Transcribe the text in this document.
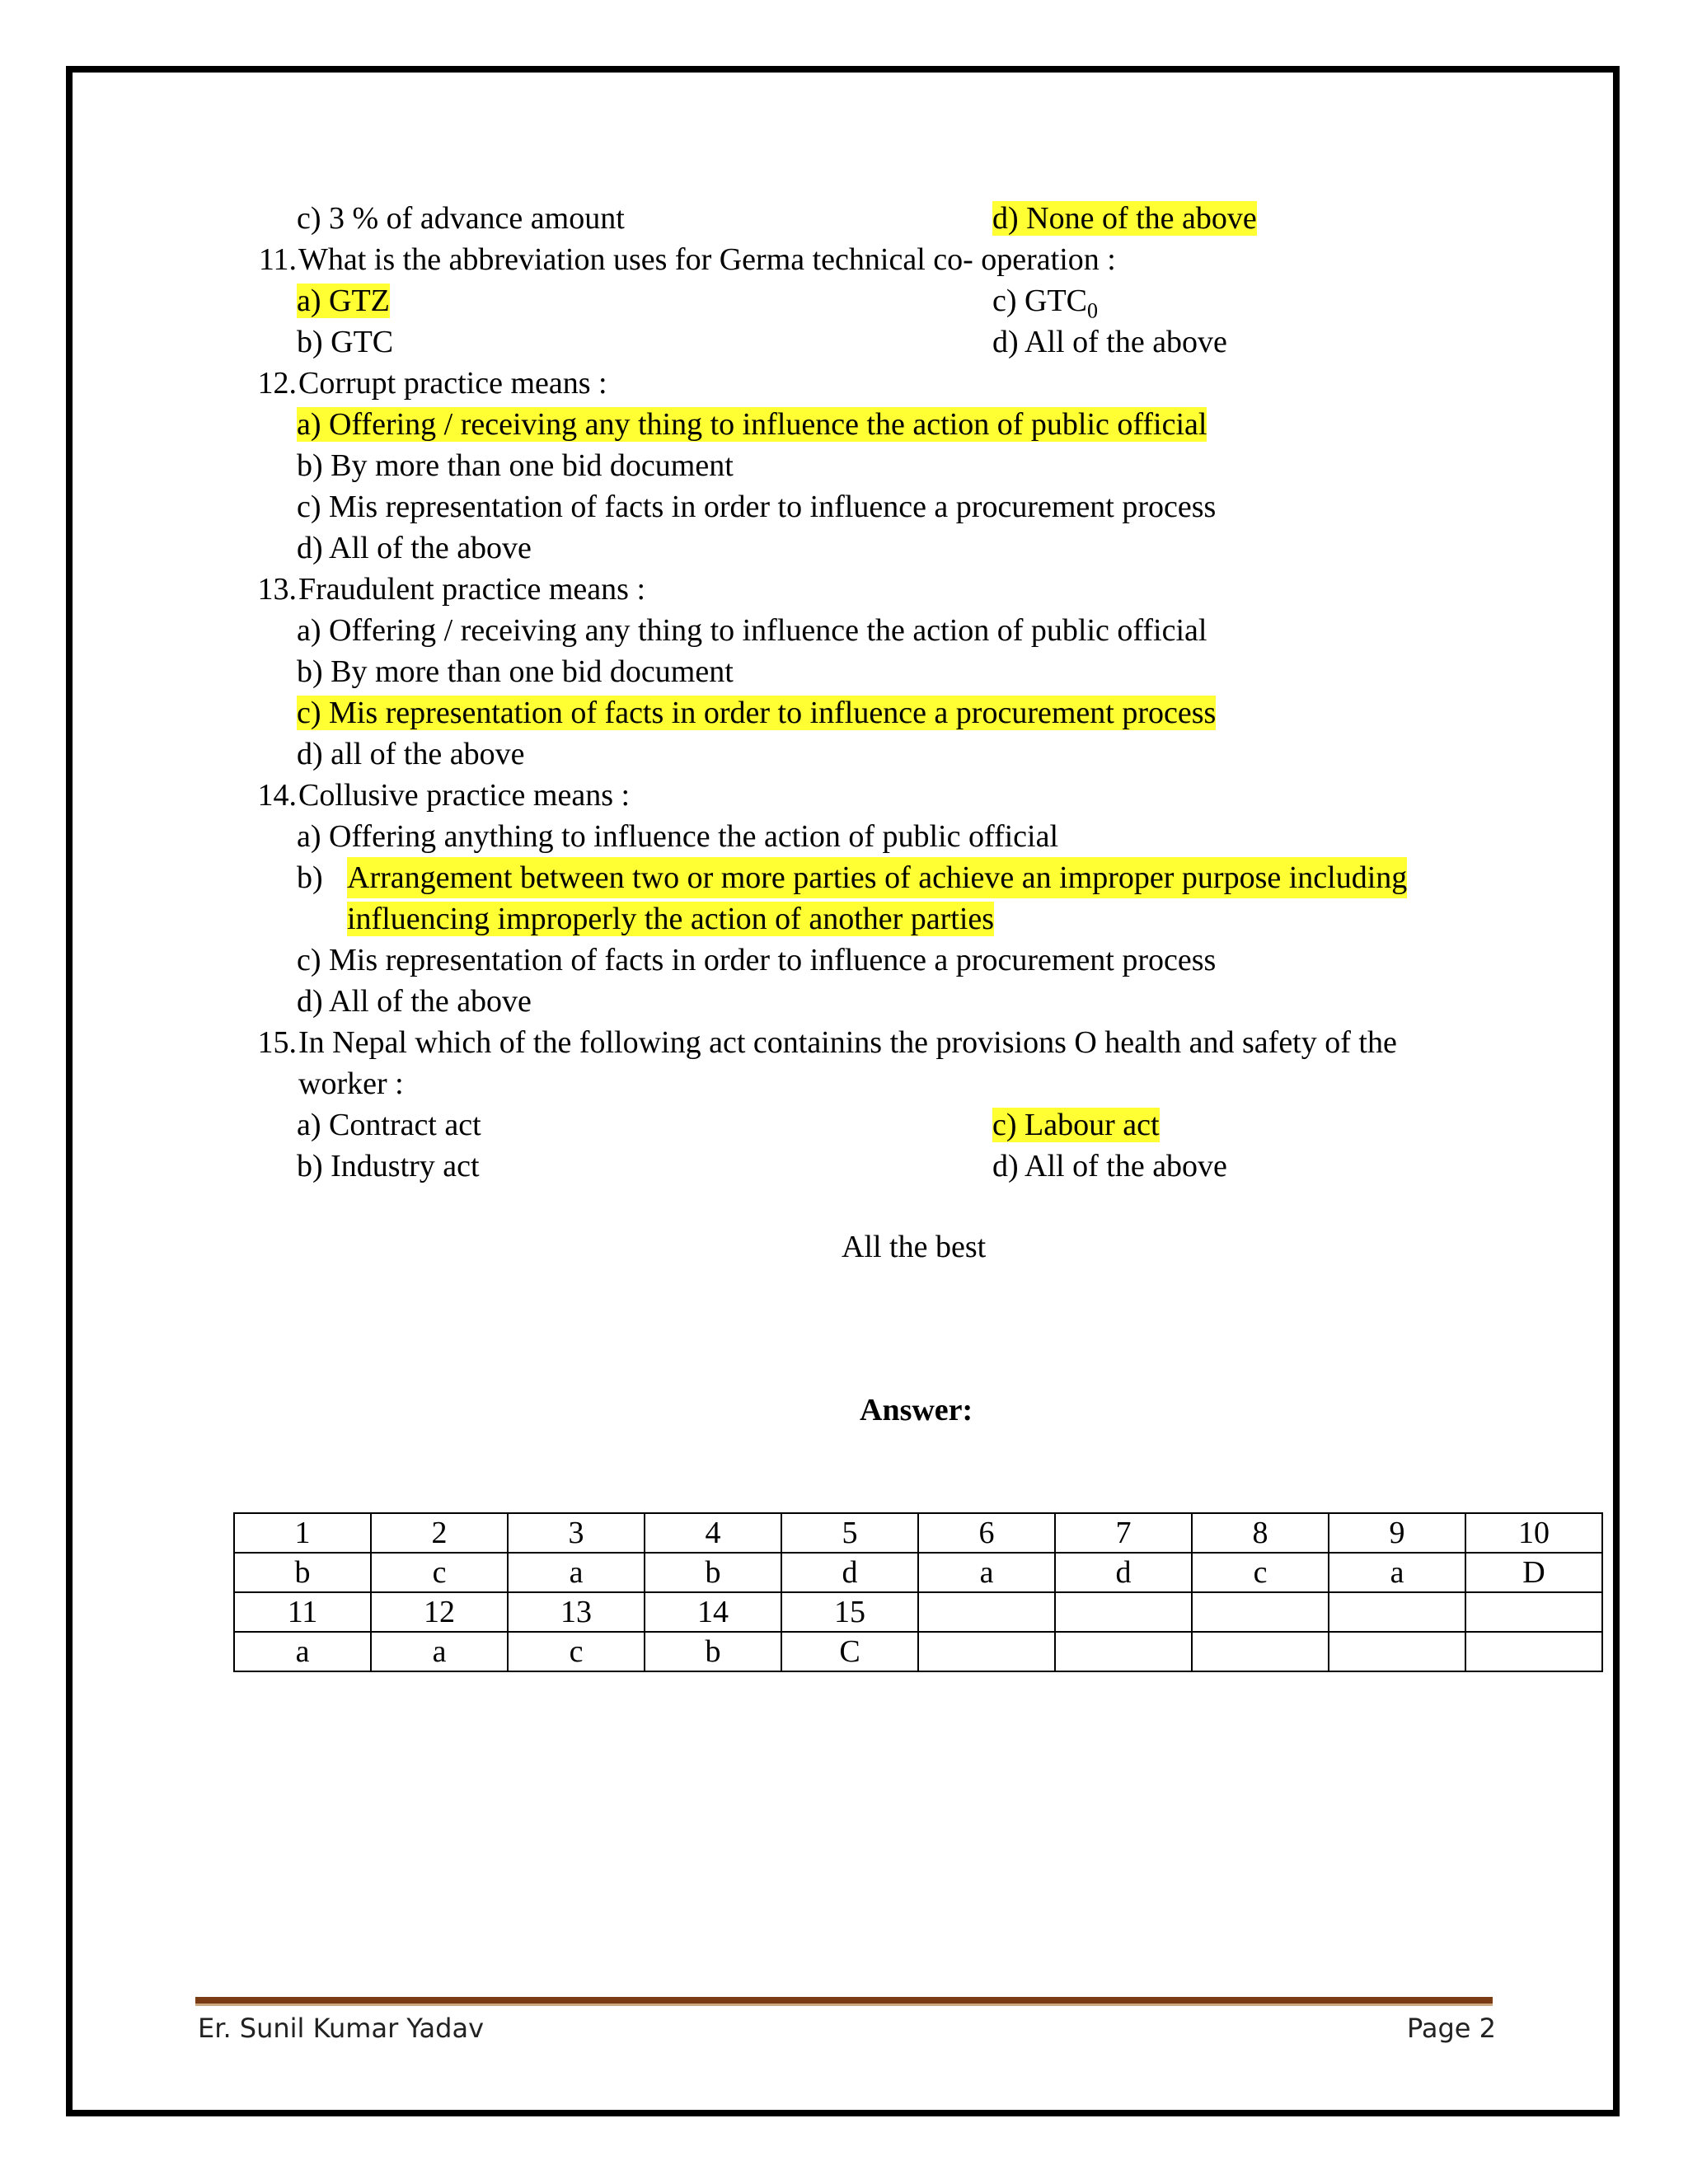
c) 3 % of advance amount	d) None of the above
11. What is the abbreviation uses for Germa technical co- operation :
a) GTZ	c) $GTC_0$
b) GTC	d) All of the above
12. Corrupt practice means :
a) Offering / receiving any thing to influence the action of public official
b) By more than one bid document
c) Mis representation of facts in order to influence a procurement process
d) All of the above
13. Fraudulent practice means :
a) Offering / receiving any thing to influence the action of public official
b) By more than one bid document
c) Mis representation of facts in order to influence a procurement process
d) all of the above
14. Collusive practice means :
a) Offering anything to influence the action of public official
b) Arrangement between two or more parties of achieve an improper purpose including
influencing improperly the action of another parties
c) Mis representation of facts in order to influence a procurement process
d) All of the above
15. In Nepal which of the following act containins the provisions O health and safety of the
worker :
a) Contract act	c) Labour act
b) Industry act	d) All of the above
All the best
Answer:
1	2	3	4	5	6	7	8	9	10
b	c	a	b	d	a	d	c	a	D
11	12	13	14	15					
a	a	c	b	C					
Er. Sunil Kumar Yadav	Page 2
